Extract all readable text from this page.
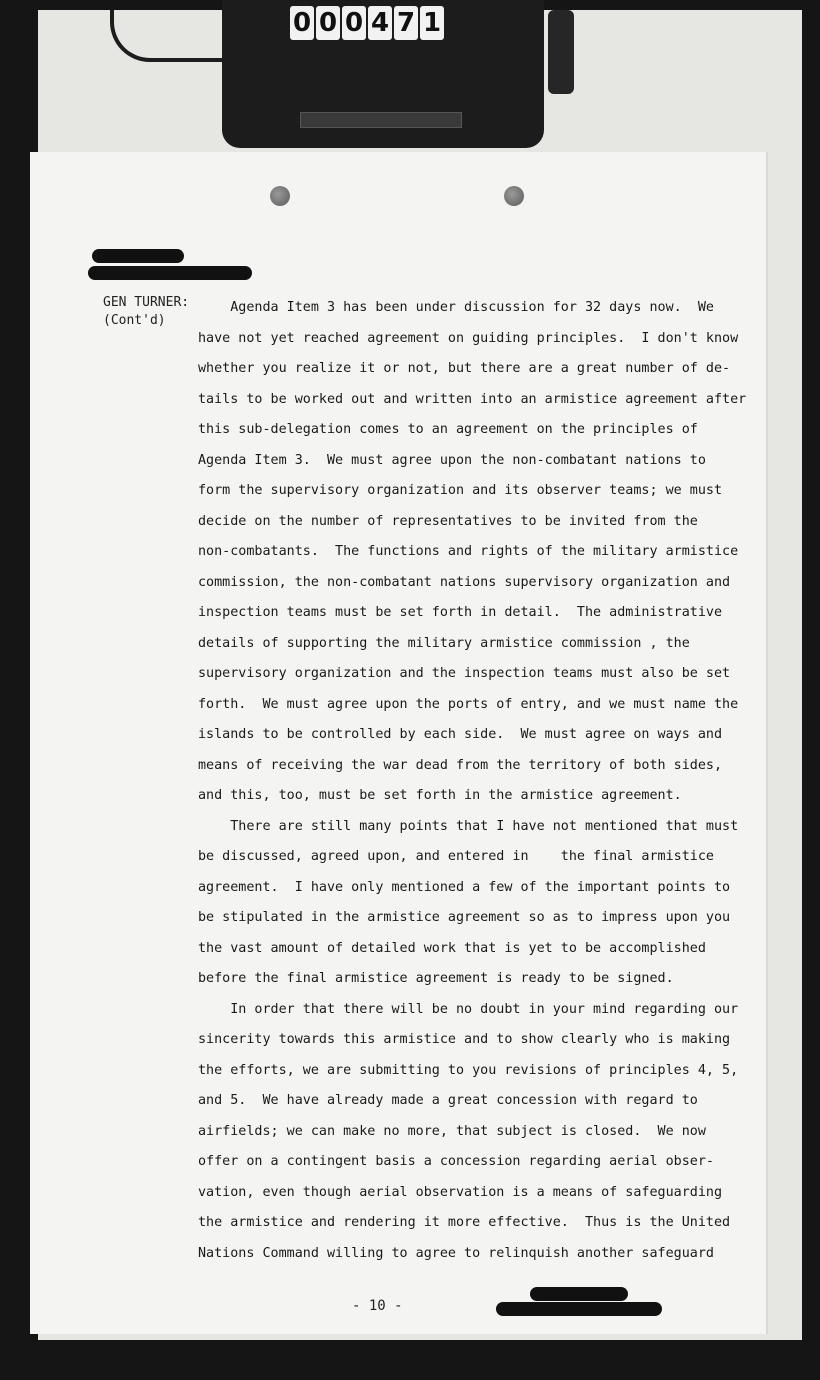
0 0 0 4 7 1
GEN TURNER:
(Cont'd)

Agenda Item 3 has been under discussion for 32 days now.  We

have not yet reached agreement on guiding principles.  I don't know

whether you realize it or not, but there are a great number of de-

tails to be worked out and written into an armistice agreement after

this sub-delegation comes to an agreement on the principles of

Agenda Item 3.  We must agree upon the non-combatant nations to

form the supervisory organization and its observer teams; we must

decide on the number of representatives to be invited from the

non-combatants.  The functions and rights of the military armistice

commission, the non-combatant nations supervisory organization and

inspection teams must be set forth in detail.  The administrative

details of supporting the military armistice commission , the

supervisory organization and the inspection teams must also be set

forth.  We must agree upon the ports of entry, and we must name the

islands to be controlled by each side.  We must agree on ways and

means of receiving the war dead from the territory of both sides,

and this, too, must be set forth in the armistice agreement.

There are still many points that I have not mentioned that must

be discussed, agreed upon, and entered in    the final armistice

agreement.  I have only mentioned a few of the important points to

be stipulated in the armistice agreement so as to impress upon you

the vast amount of detailed work that is yet to be accomplished

before the final armistice agreement is ready to be signed.

In order that there will be no doubt in your mind regarding our

sincerity towards this armistice and to show clearly who is making

the efforts, we are submitting to you revisions of principles 4, 5,

and 5.  We have already made a great concession with regard to

airfields; we can make no more, that subject is closed.  We now

offer on a contingent basis a concession regarding aerial obser-

vation, even though aerial observation is a means of safeguarding

the armistice and rendering it more effective.  Thus is the United

Nations Command willing to agree to relinquish another safeguard

- 10 -
